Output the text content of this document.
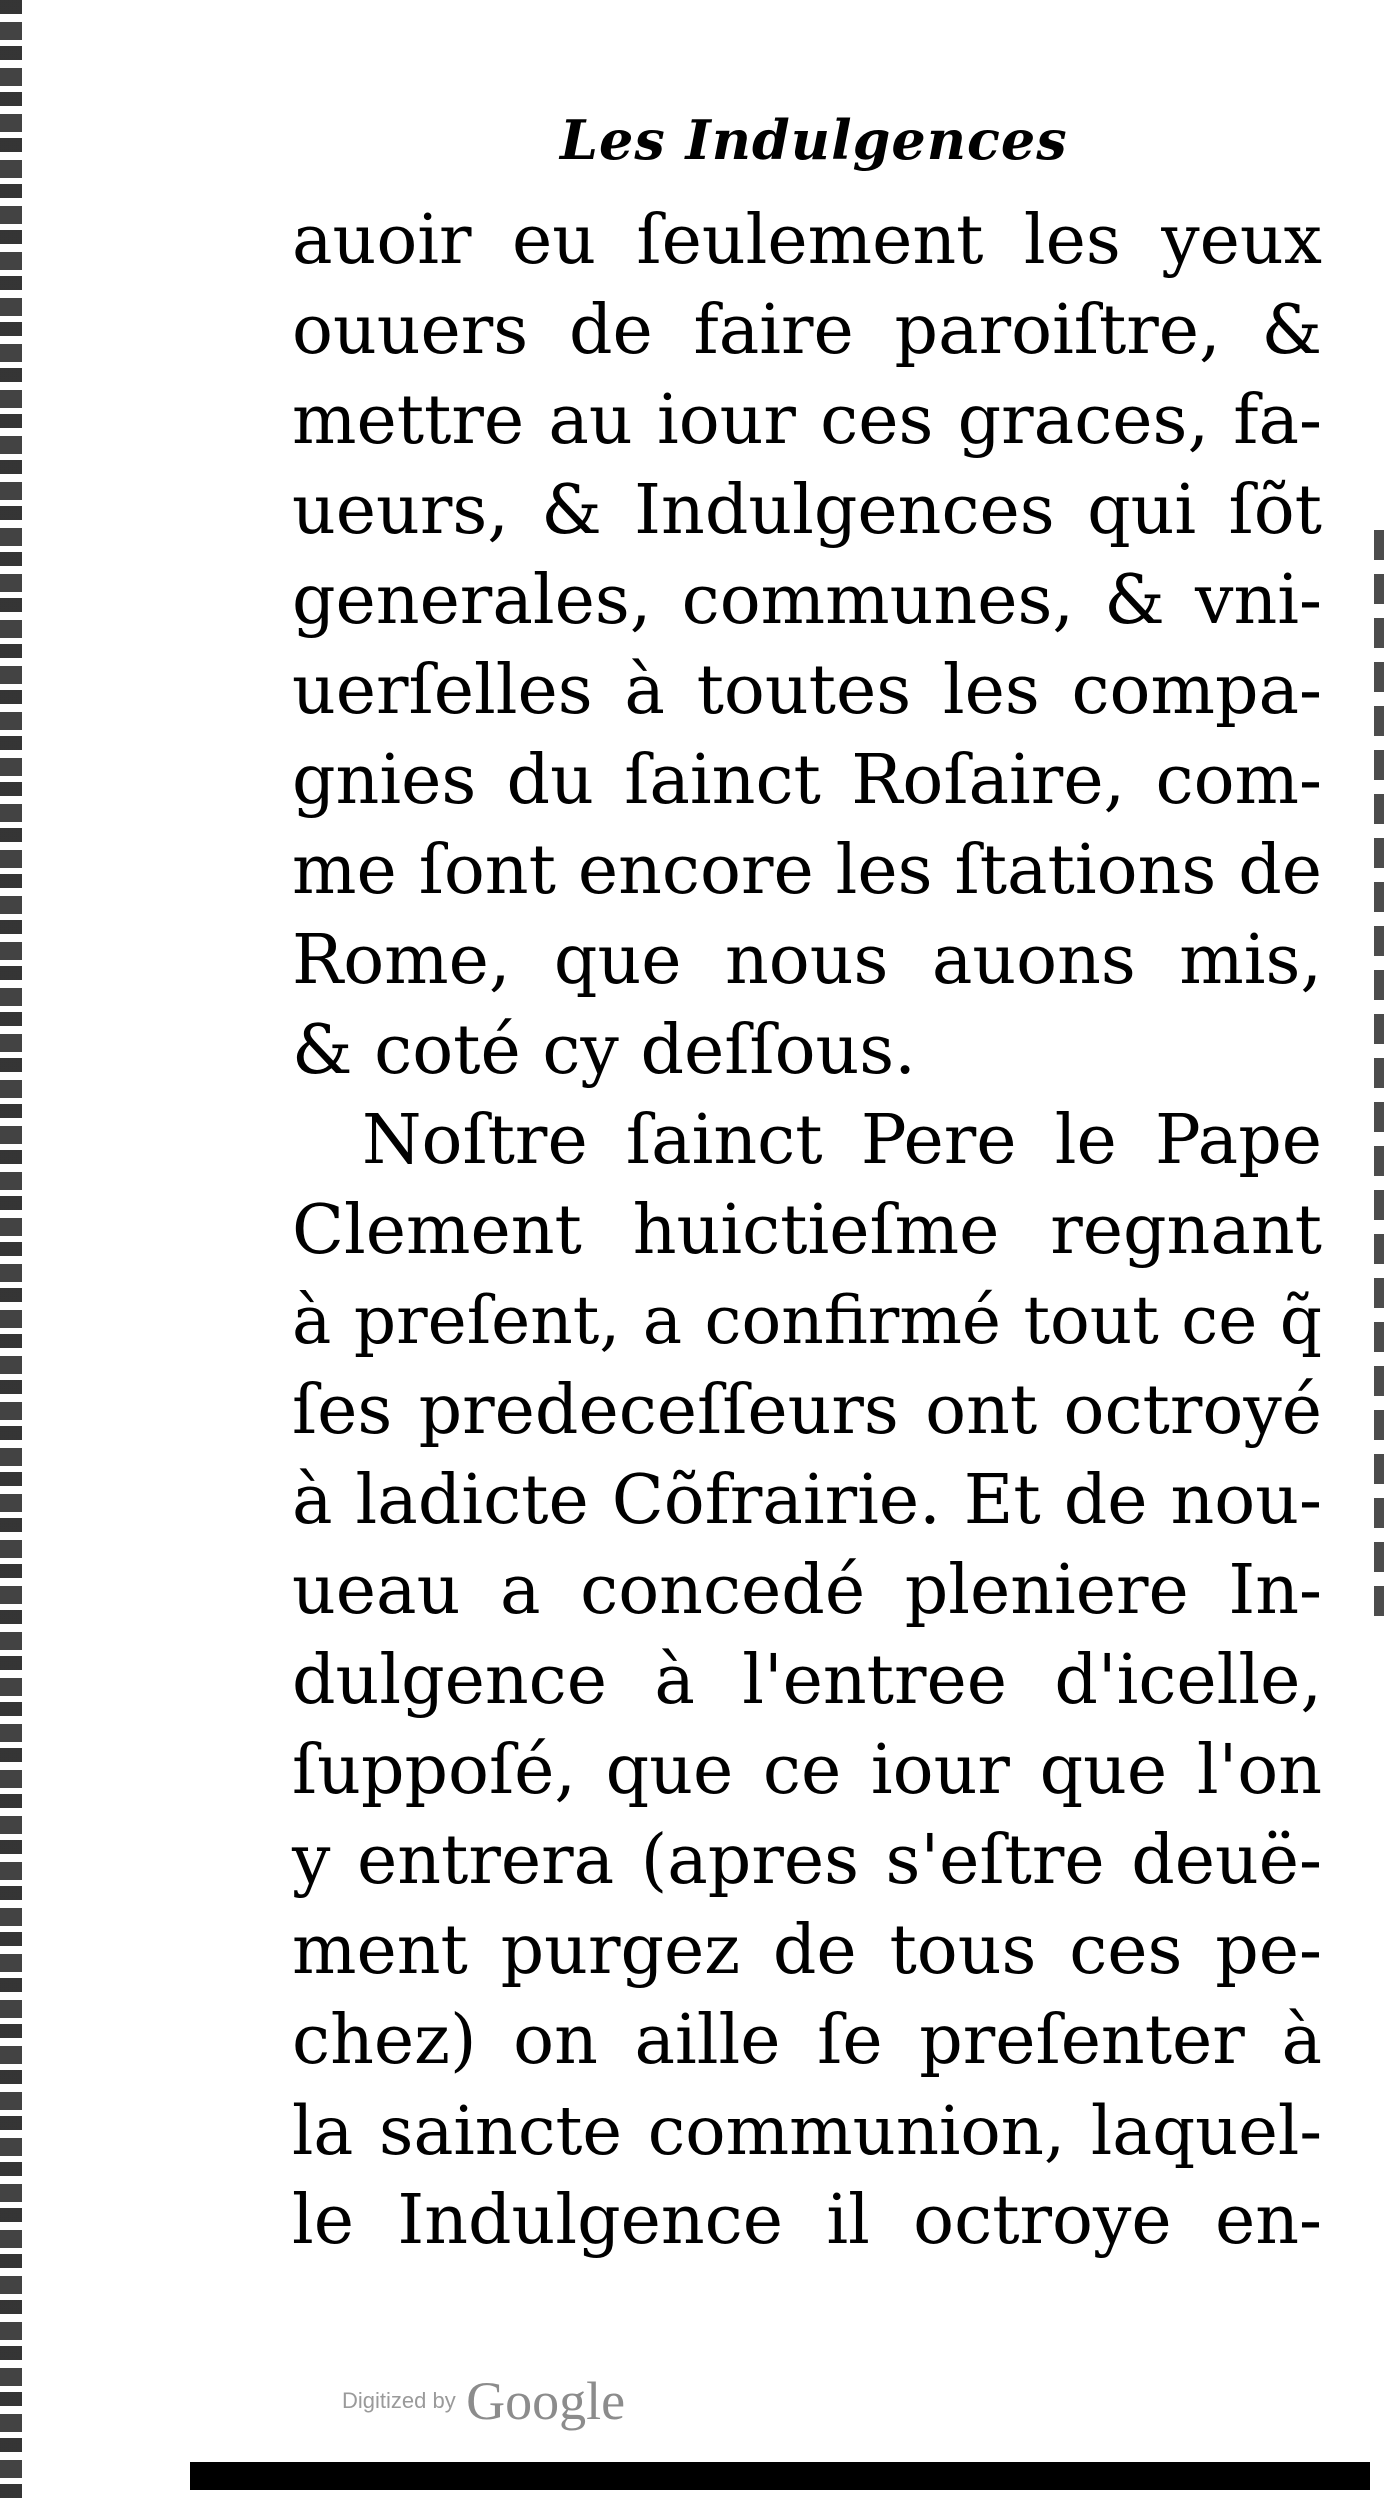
Les Indulgences
auoir eu ſeulement les yeux
ouuers de faire paroiſtre, &
mettre au iour ces graces, fa-
ueurs, & Indulgences qui ſõt
generales, communes, & vni-
uerſelles à toutes les compa-
gnies du ſainct Roſaire, com-
me ſont encore les ſtations de
Rome, que nous auons mis,
& coté cy deſſous.
Noſtre ſainct Pere le Pape
Clement huictieſme regnant
à preſent, a confirmé tout ce q̃
ſes predeceſſeurs ont octroyé
à ladicte Cõfrairie. Et de nou-
ueau a concedé pleniere In-
dulgence à l'entree d'icelle,
ſuppoſé, que ce iour que l'on
y entrera (apres s'eſtre deuë-
ment purgez de tous ces pe-
chez) on aille ſe preſenter à
la saincte communion, laquel-
le Indulgence il octroye en-
Digitized by Google
